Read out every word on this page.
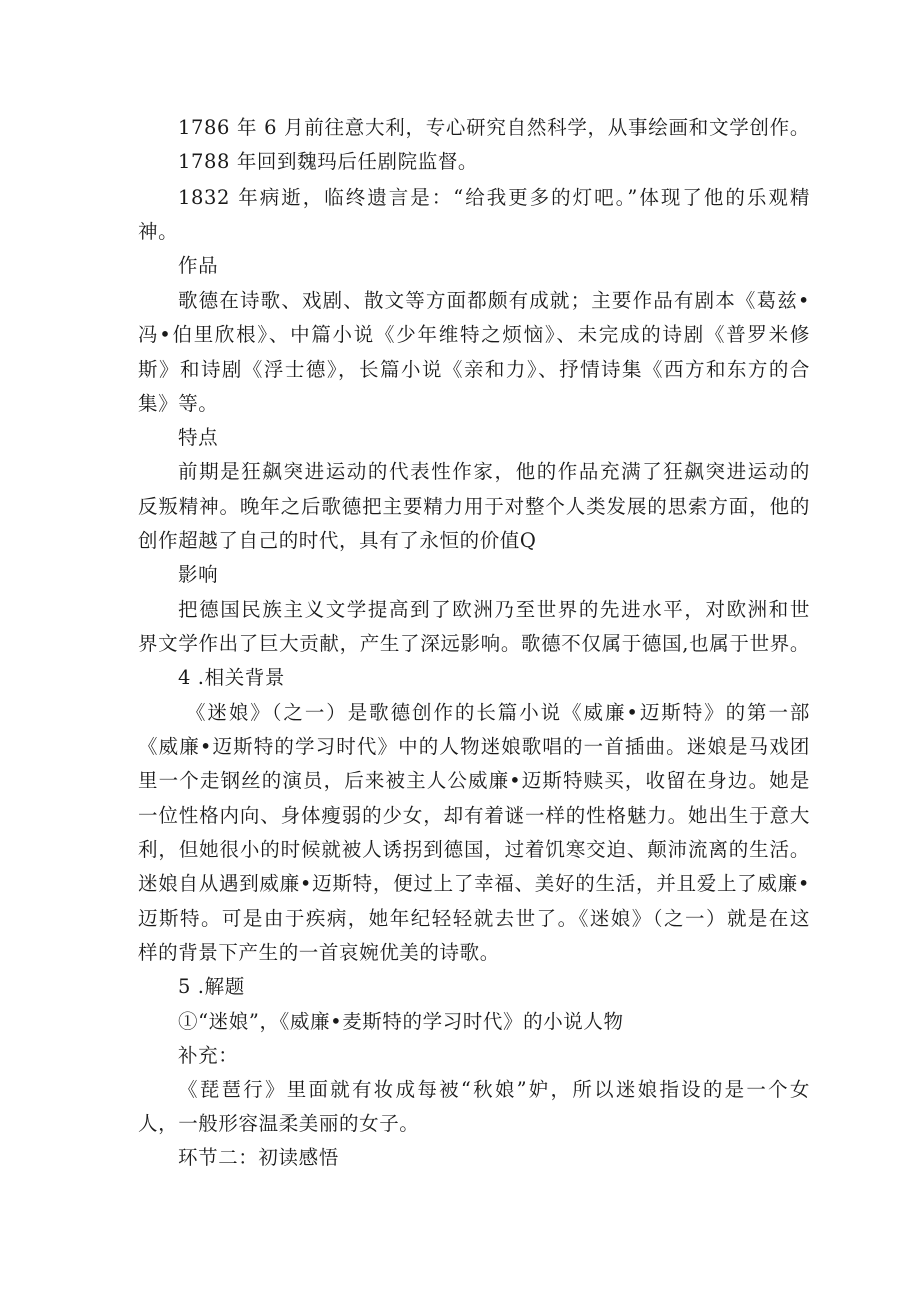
1786 年 6 月前往意大利，专心研究自然科学，从事绘画和文学创作。
1788 年回到魏玛后任剧院监督。
1832 年病逝，临终遗言是：“给我更多的灯吧。”体现了他的乐观精
神。
作品
歌德在诗歌、戏剧、散文等方面都颇有成就；主要作品有剧本《葛兹•
冯•伯里欣根》、中篇小说《少年维特之烦恼》、未完成的诗剧《普罗米修
斯》和诗剧《浮士德》，长篇小说《亲和力》、抒情诗集《西方和东方的合
集》等。
特点
前期是狂飙突进运动的代表性作家，他的作品充满了狂飙突进运动的
反叛精神。晚年之后歌德把主要精力用于对整个人类发展的思索方面，他的
创作超越了自己的时代，具有了永恒的价值Q
影响
把德国民族主义文学提高到了欧洲乃至世界的先进水平，对欧洲和世
界文学作出了巨大贡献，产生了深远影响。歌德不仅属于德国,也属于世界。
4 .相关背景
《迷娘》（之一）是歌德创作的长篇小说《威廉•迈斯特》的第一部
《威廉•迈斯特的学习时代》中的人物迷娘歌唱的一首插曲。迷娘是马戏团
里一个走钢丝的演员，后来被主人公威廉•迈斯特赎买，收留在身边。她是
一位性格内向、身体瘦弱的少女，却有着谜一样的性格魅力。她出生于意大
利，但她很小的时候就被人诱拐到德国，过着饥寒交迫、颠沛流离的生活。
迷娘自从遇到威廉•迈斯特，便过上了幸福、美好的生活，并且爱上了威廉•
迈斯特。可是由于疾病，她年纪轻轻就去世了。《迷娘》（之一）就是在这
样的背景下产生的一首哀婉优美的诗歌。
5 .解题
①“迷娘”，《威廉•麦斯特的学习时代》的小说人物
补充：
《琵琶行》里面就有妆成每被“秋娘”妒，所以迷娘指设的是一个女
人，一般形容温柔美丽的女子。
环节二：初读感悟
